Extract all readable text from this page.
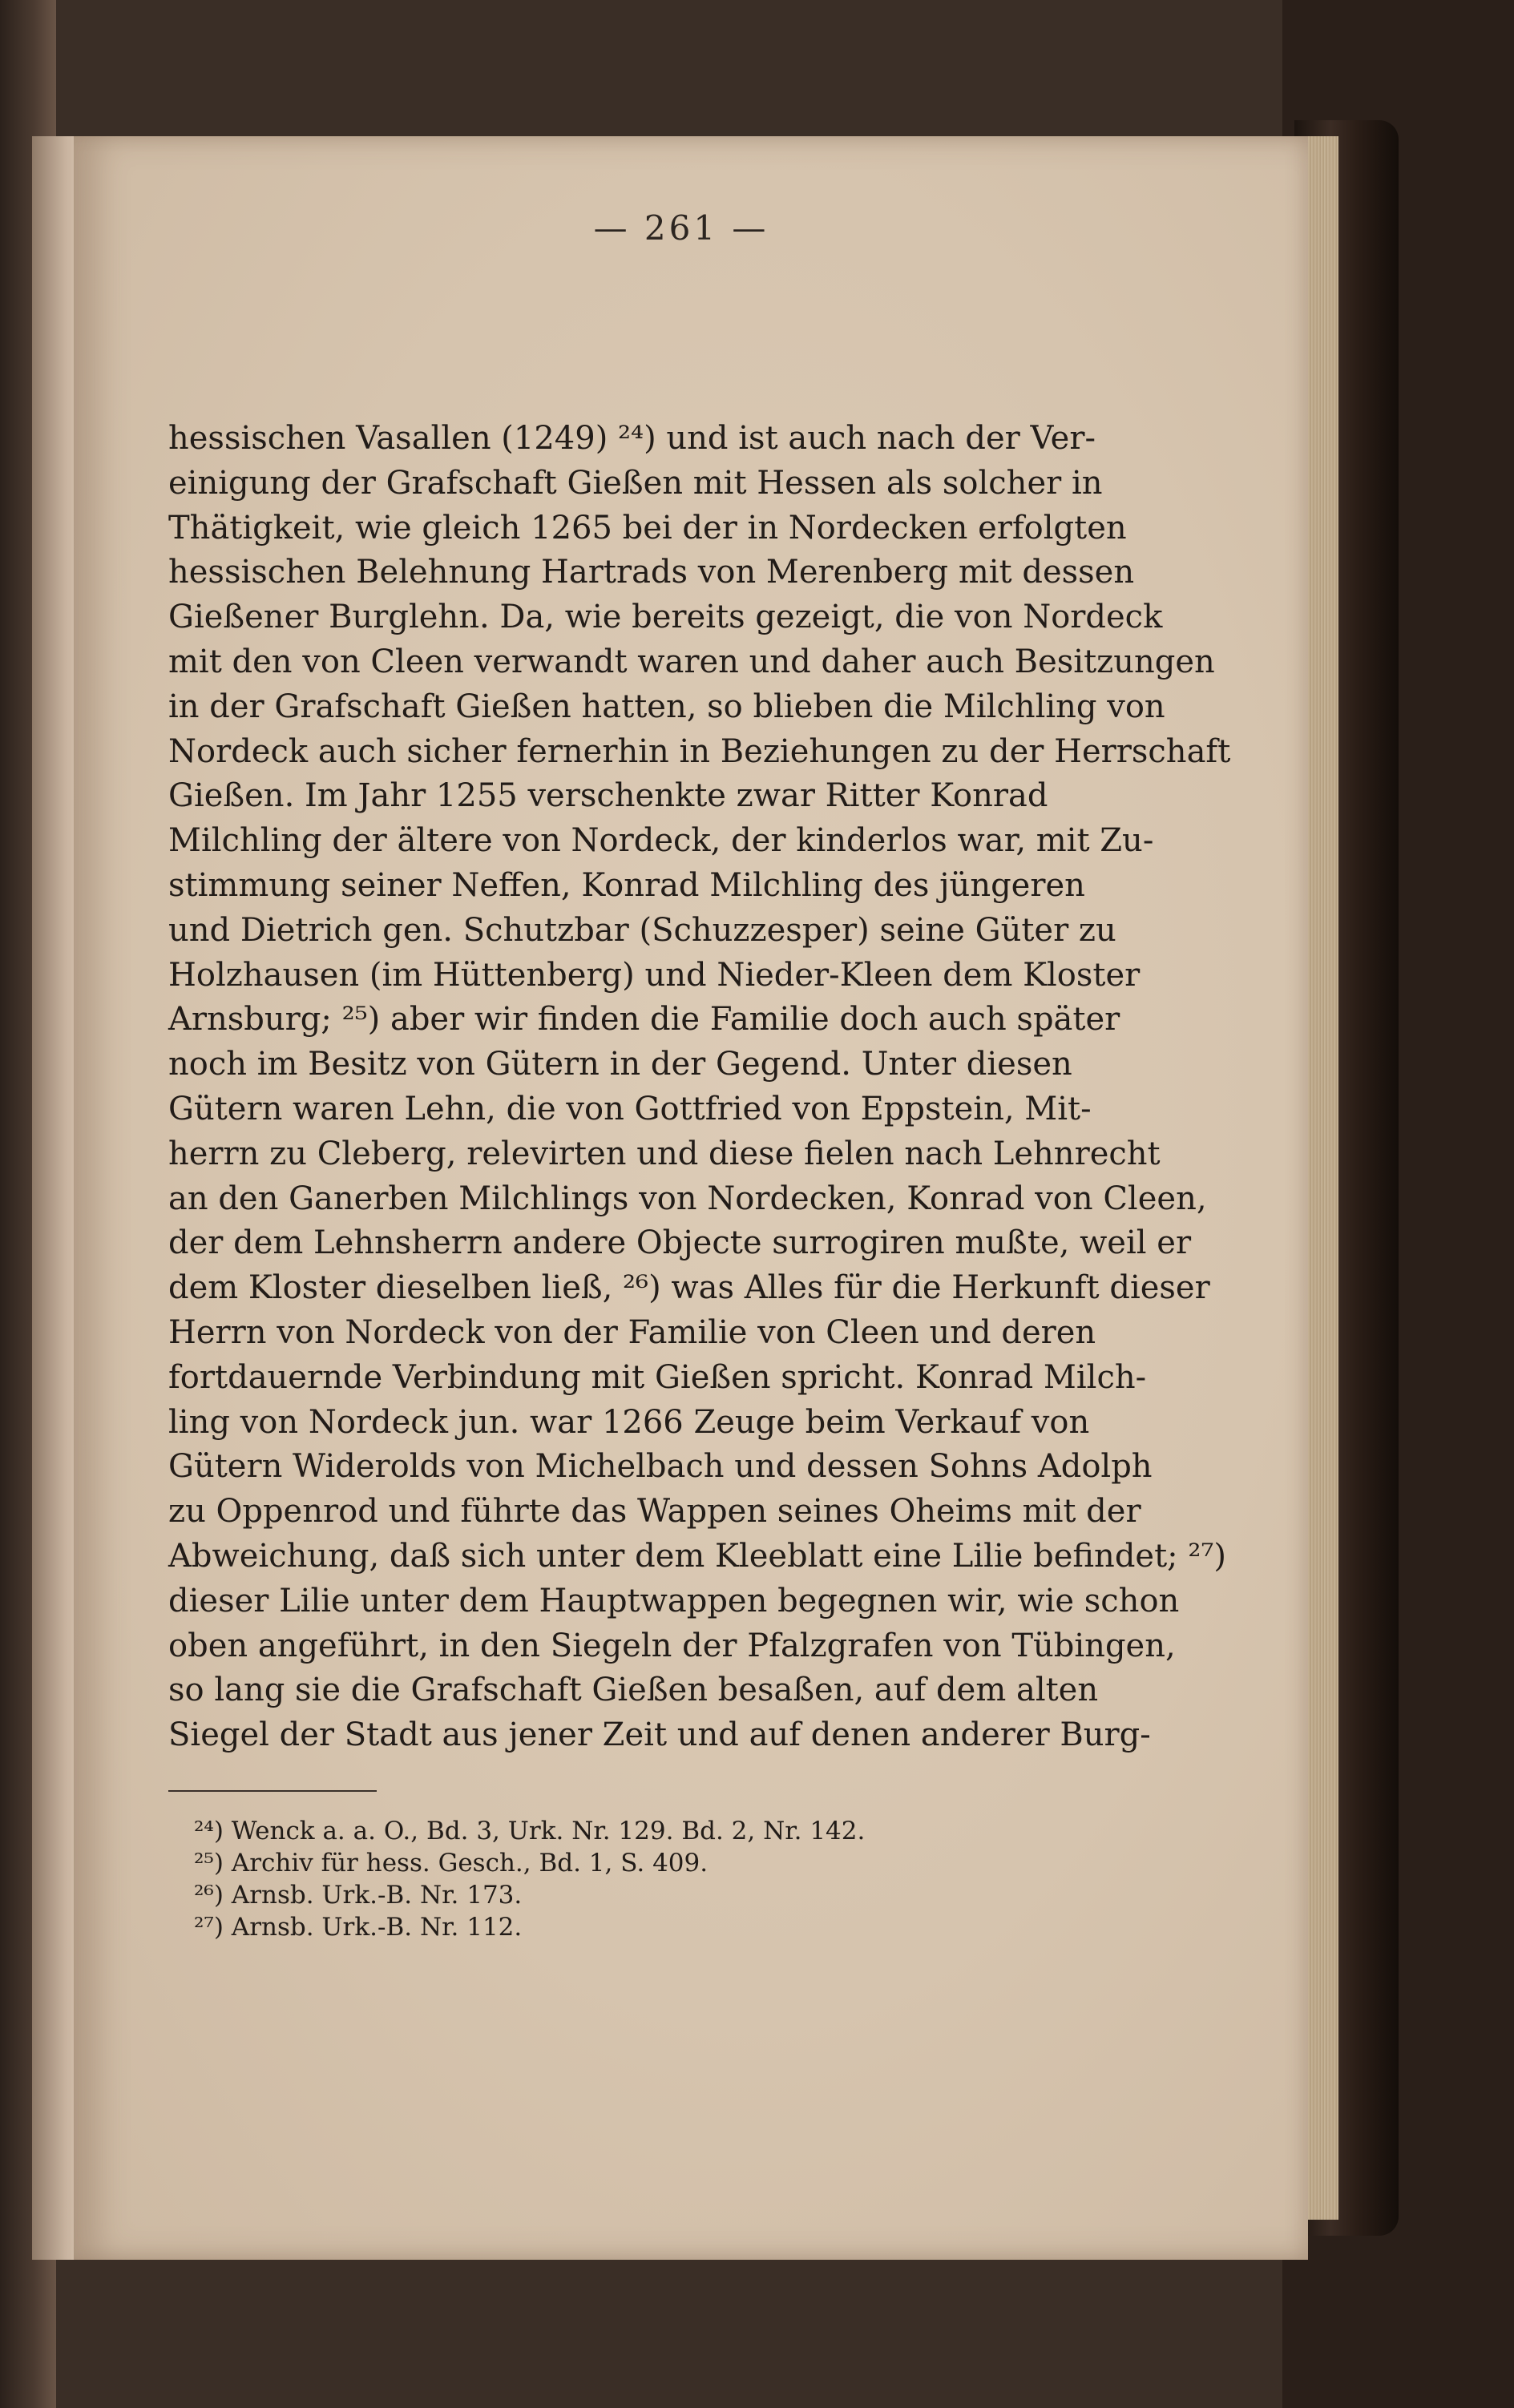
— 261 —
hessischen Vasallen (1249) ²⁴) und ist auch nach der Ver-
einigung der Grafschaft Gießen mit Hessen als solcher in
Thätigkeit, wie gleich 1265 bei der in Nordecken erfolgten
hessischen Belehnung Hartrads von Merenberg mit dessen
Gießener Burglehn. Da, wie bereits gezeigt, die von Nordeck
mit den von Cleen verwandt waren und daher auch Besitzungen
in der Grafschaft Gießen hatten, so blieben die Milchling von
Nordeck auch sicher fernerhin in Beziehungen zu der Herrschaft
Gießen. Im Jahr 1255 verschenkte zwar Ritter Konrad
Milchling der ältere von Nordeck, der kinderlos war, mit Zu-
stimmung seiner Neffen, Konrad Milchling des jüngeren
und Dietrich gen. Schutzbar (Schuzzesper) seine Güter zu
Holzhausen (im Hüttenberg) und Nieder-Kleen dem Kloster
Arnsburg; ²⁵) aber wir finden die Familie doch auch später
noch im Besitz von Gütern in der Gegend. Unter diesen
Gütern waren Lehn, die von Gottfried von Eppstein, Mit-
herrn zu Cleberg, relevirten und diese fielen nach Lehnrecht
an den Ganerben Milchlings von Nordecken, Konrad von Cleen,
der dem Lehnsherrn andere Objecte surrogiren mußte, weil er
dem Kloster dieselben ließ, ²⁶) was Alles für die Herkunft dieser
Herrn von Nordeck von der Familie von Cleen und deren
fortdauernde Verbindung mit Gießen spricht. Konrad Milch-
ling von Nordeck jun. war 1266 Zeuge beim Verkauf von
Gütern Widerolds von Michelbach und dessen Sohns Adolph
zu Oppenrod und führte das Wappen seines Oheims mit der
Abweichung, daß sich unter dem Kleeblatt eine Lilie befindet; ²⁷)
dieser Lilie unter dem Hauptwappen begegnen wir, wie schon
oben angeführt, in den Siegeln der Pfalzgrafen von Tübingen,
so lang sie die Grafschaft Gießen besaßen, auf dem alten
Siegel der Stadt aus jener Zeit und auf denen anderer Burg-
²⁴) Wenck a. a. O., Bd. 3, Urk. Nr. 129. Bd. 2, Nr. 142.
²⁵) Archiv für hess. Gesch., Bd. 1, S. 409.
²⁶) Arnsb. Urk.-B. Nr. 173.
²⁷) Arnsb. Urk.-B. Nr. 112.
